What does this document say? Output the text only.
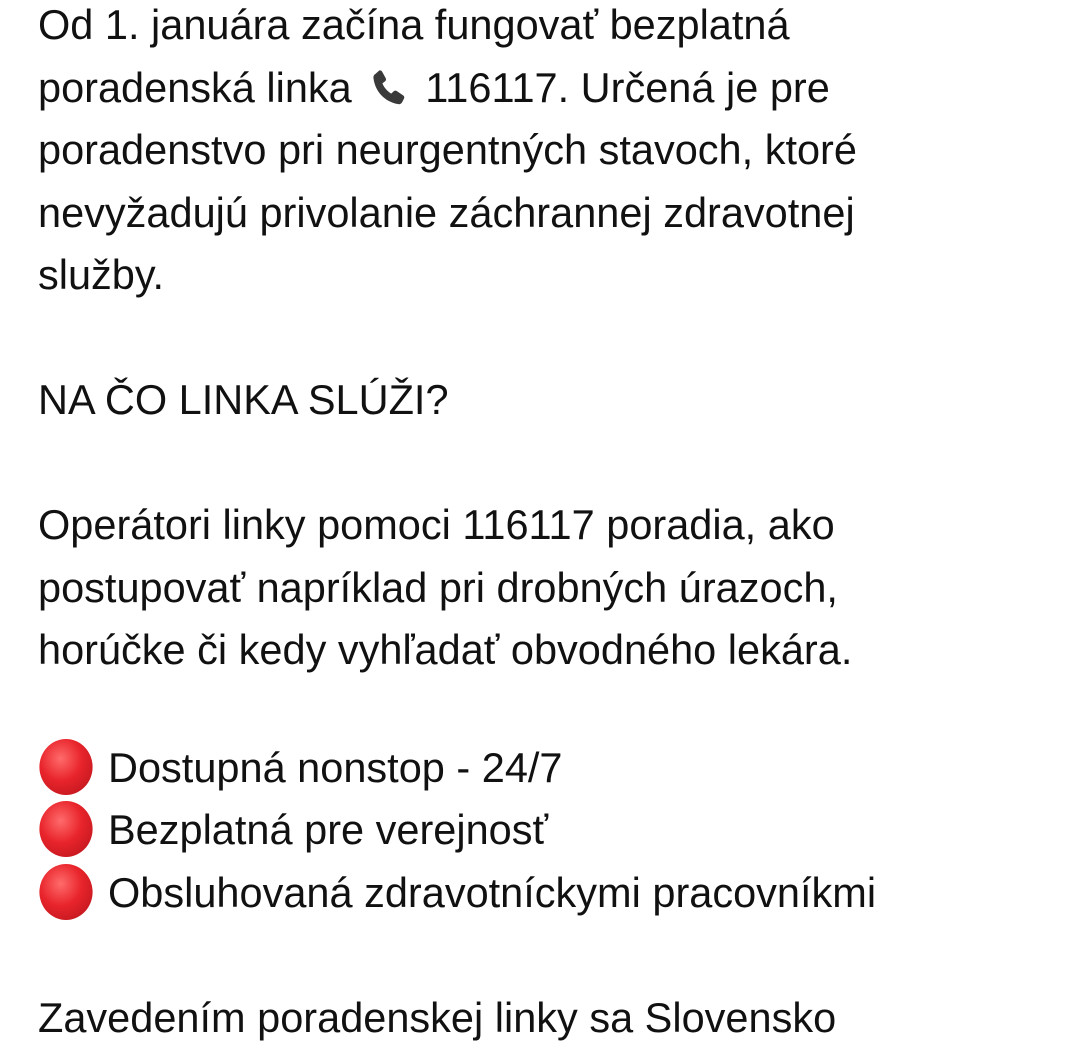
Od 1. januára začína fungovať bezplatná
poradenská linka 116117. Určená je pre
poradenstvo pri neurgentných stavoch, ktoré
nevyžadujú privolanie záchrannej zdravotnej
služby.
NA ČO LINKA SLÚŽI?
Operátori linky pomoci 116117 poradia, ako
postupovať napríklad pri drobných úrazoch,
horúčke či kedy vyhľadať obvodného lekára.
Dostupná nonstop - 24/7
Bezplatná pre verejnosť
Obsluhovaná zdravotníckymi pracovníkmi
Zavedením poradenskej linky sa Slovensko
